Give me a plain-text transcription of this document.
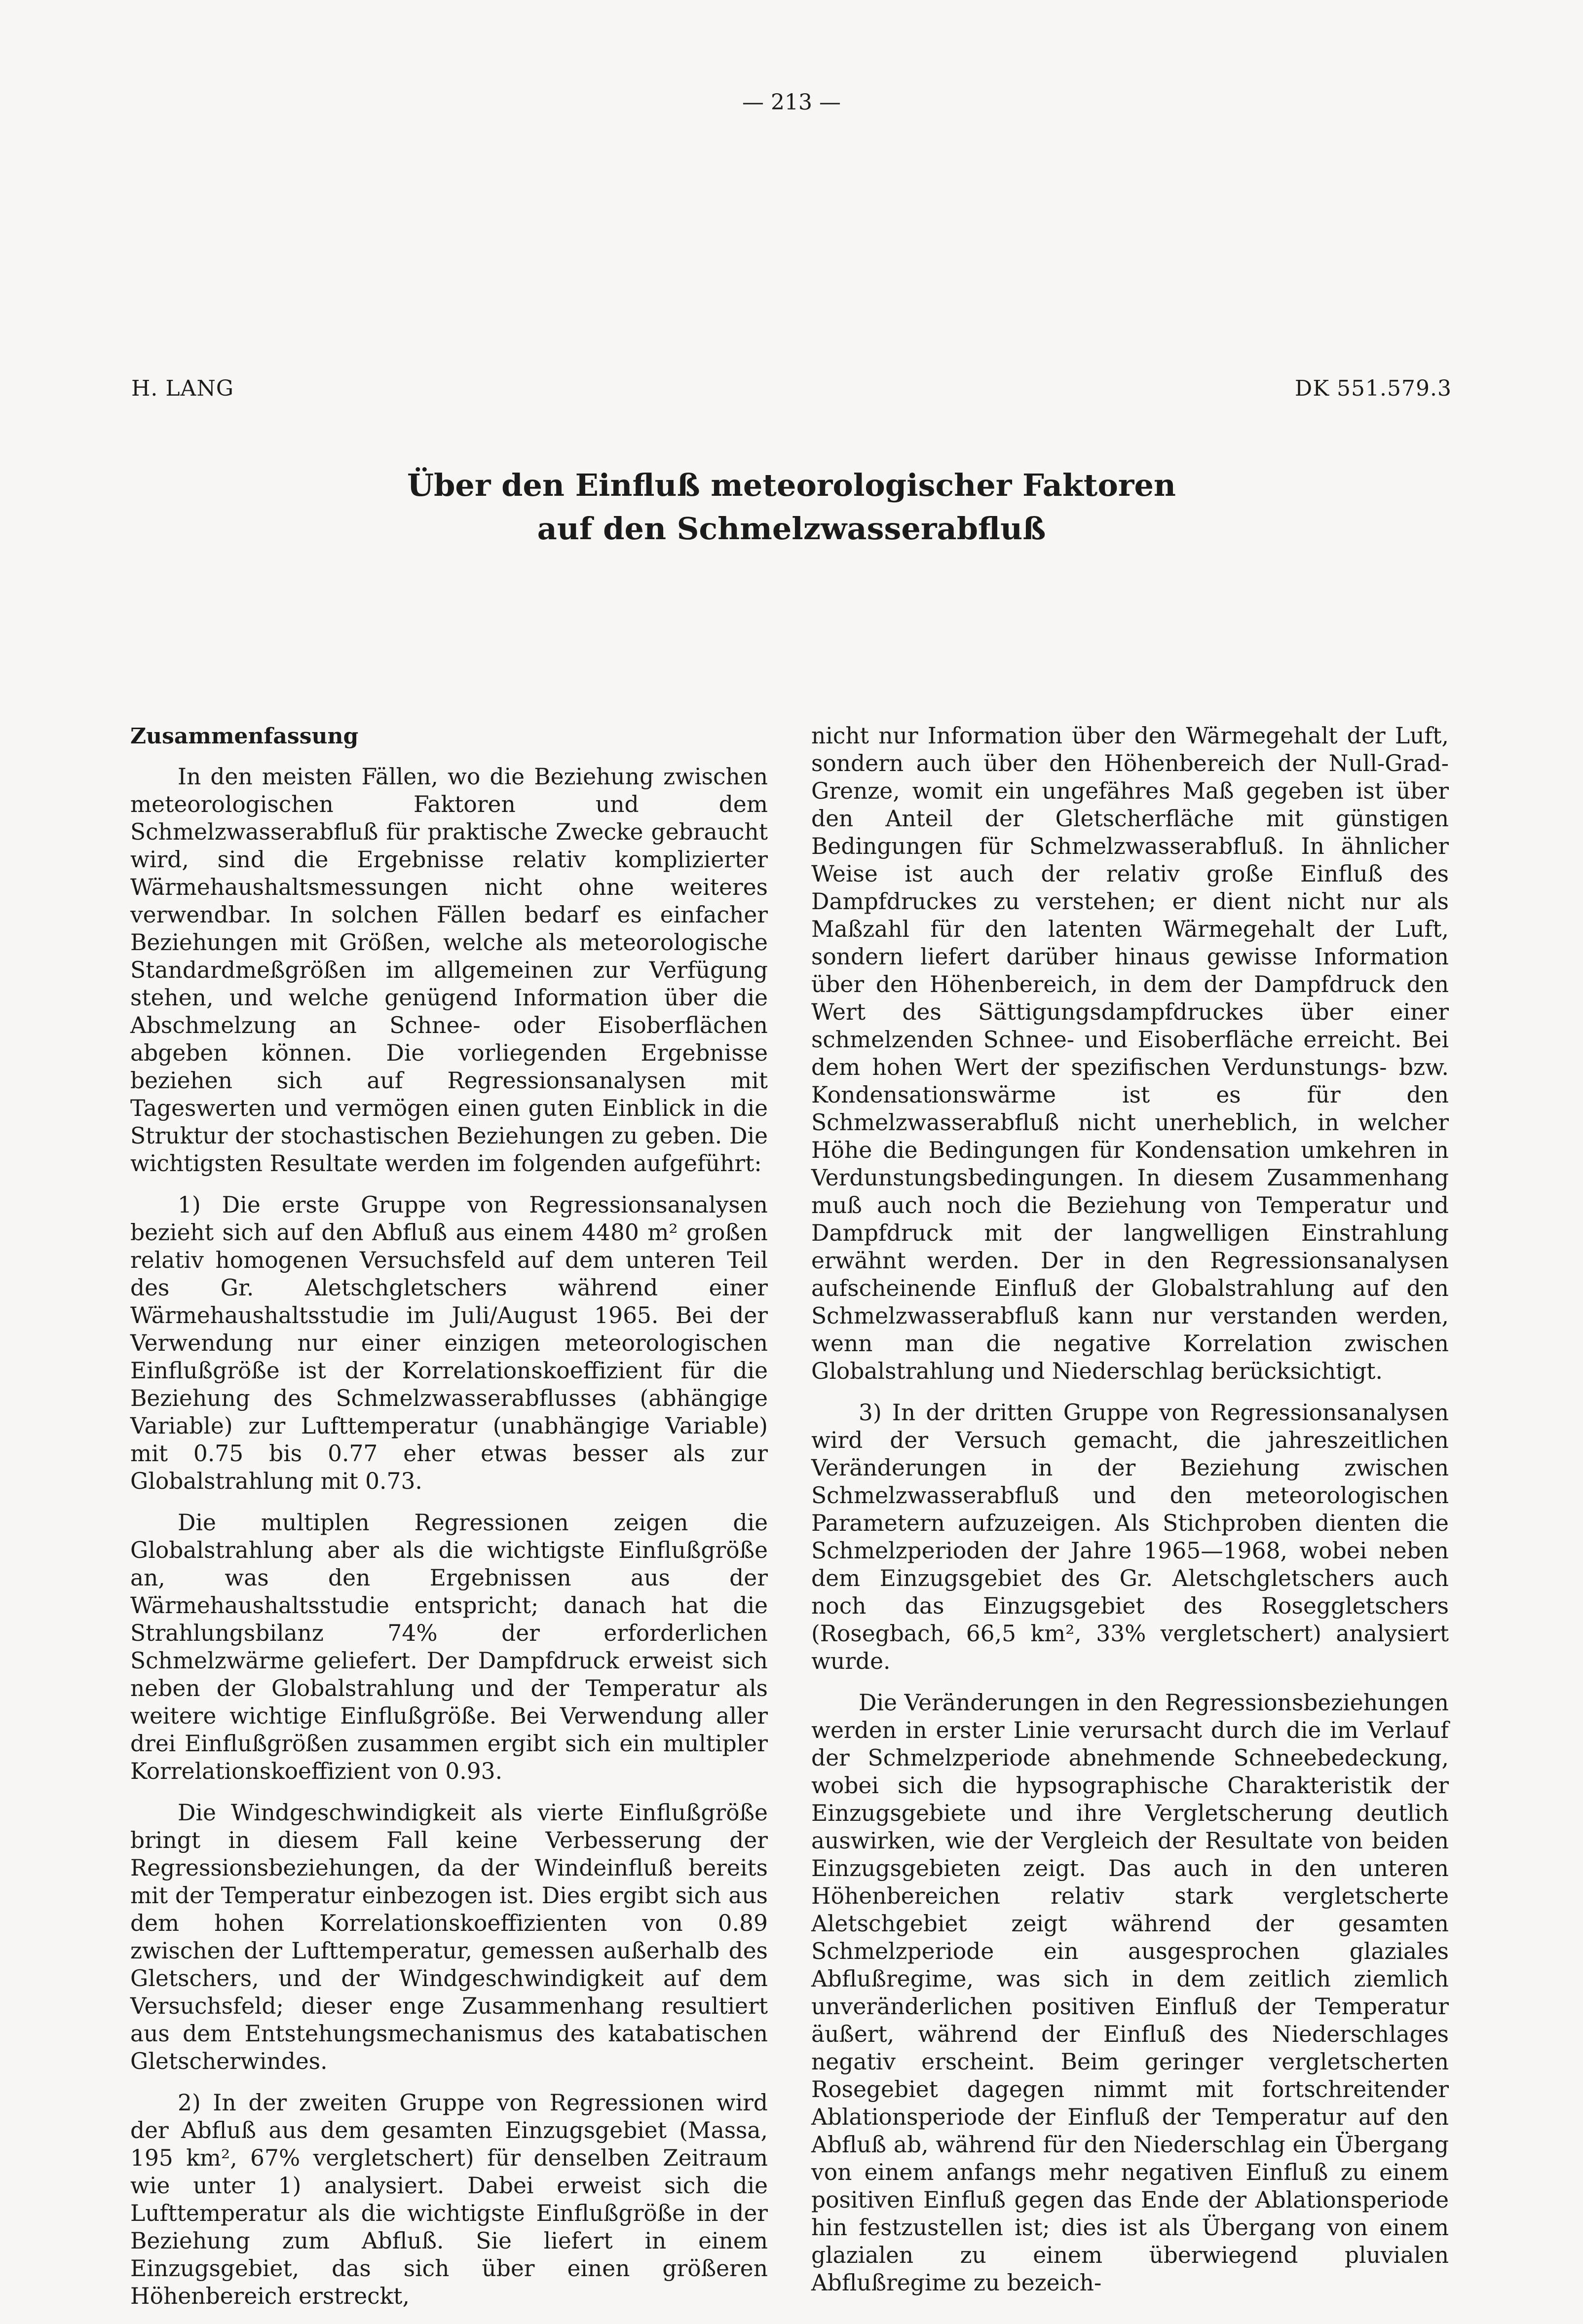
— 213 —
H. LANG	DK 551.579.3
Über den Einfluß meteorologischer Faktoren
auf den Schmelzwasserabfluß
Zusammenfassung

In den meisten Fällen, wo die Beziehung zwischen meteorologischen Faktoren und dem Schmelzwasserabfluß für praktische Zwecke gebraucht wird, sind die Ergebnisse relativ komplizierter Wärmehaushaltsmessungen nicht ohne weiteres verwendbar. In solchen Fällen bedarf es einfacher Beziehungen mit Größen, welche als meteorologische Standardmeßgrößen im allgemeinen zur Verfügung stehen, und welche genügend Information über die Abschmelzung an Schnee- oder Eisoberflächen abgeben können. Die vorliegenden Ergebnisse beziehen sich auf Regressionsanalysen mit Tageswerten und vermögen einen guten Einblick in die Struktur der stochastischen Beziehungen zu geben. Die wichtigsten Resultate werden im folgenden aufgeführt:

1) Die erste Gruppe von Regressionsanalysen bezieht sich auf den Abfluß aus einem 4480 m² großen relativ homogenen Versuchsfeld auf dem unteren Teil des Gr. Aletschgletschers während einer Wärmehaushaltsstudie im Juli/August 1965. Bei der Verwendung nur einer einzigen meteorologischen Einflußgröße ist der Korrelationskoeffizient für die Beziehung des Schmelzwasserabflusses (abhängige Variable) zur Lufttemperatur (unabhängige Variable) mit 0.75 bis 0.77 eher etwas besser als zur Globalstrahlung mit 0.73.

Die multiplen Regressionen zeigen die Globalstrahlung aber als die wichtigste Einflußgröße an, was den Ergebnissen aus der Wärmehaushaltsstudie entspricht; danach hat die Strahlungsbilanz 74% der erforderlichen Schmelzwärme geliefert. Der Dampfdruck erweist sich neben der Globalstrahlung und der Temperatur als weitere wichtige Einflußgröße. Bei Verwendung aller drei Einflußgrößen zusammen ergibt sich ein multipler Korrelationskoeffizient von 0.93.

Die Windgeschwindigkeit als vierte Einflußgröße bringt in diesem Fall keine Verbesserung der Regressionsbeziehungen, da der Windeinfluß bereits mit der Temperatur einbezogen ist. Dies ergibt sich aus dem hohen Korrelationskoeffizienten von 0.89 zwischen der Lufttemperatur, gemessen außerhalb des Gletschers, und der Windgeschwindigkeit auf dem Versuchsfeld; dieser enge Zusammenhang resultiert aus dem Entstehungsmechanismus des katabatischen Gletscherwindes.

2) In der zweiten Gruppe von Regressionen wird der Abfluß aus dem gesamten Einzugsgebiet (Massa, 195 km², 67% vergletschert) für denselben Zeitraum wie unter 1) analysiert. Dabei erweist sich die Lufttemperatur als die wichtigste Einflußgröße in der Beziehung zum Abfluß. Sie liefert in einem Einzugsgebiet, das sich über einen größeren Höhenbereich erstreckt,

nicht nur Information über den Wärmegehalt der Luft, sondern auch über den Höhenbereich der Null-Grad-Grenze, womit ein ungefähres Maß gegeben ist über den Anteil der Gletscherfläche mit günstigen Bedingungen für Schmelzwasserabfluß. In ähnlicher Weise ist auch der relativ große Einfluß des Dampfdruckes zu verstehen; er dient nicht nur als Maßzahl für den latenten Wärmegehalt der Luft, sondern liefert darüber hinaus gewisse Information über den Höhenbereich, in dem der Dampfdruck den Wert des Sättigungsdampfdruckes über einer schmelzenden Schnee- und Eisoberfläche erreicht. Bei dem hohen Wert der spezifischen Verdunstungs- bzw. Kondensationswärme ist es für den Schmelzwasserabfluß nicht unerheblich, in welcher Höhe die Bedingungen für Kondensation umkehren in Verdunstungsbedingungen. In diesem Zusammenhang muß auch noch die Beziehung von Temperatur und Dampfdruck mit der langwelligen Einstrahlung erwähnt werden. Der in den Regressionsanalysen aufscheinende Einfluß der Globalstrahlung auf den Schmelzwasserabfluß kann nur verstanden werden, wenn man die negative Korrelation zwischen Globalstrahlung und Niederschlag berücksichtigt.

3) In der dritten Gruppe von Regressionsanalysen wird der Versuch gemacht, die jahreszeitlichen Veränderungen in der Beziehung zwischen Schmelzwasserabfluß und den meteorologischen Parametern aufzuzeigen. Als Stichproben dienten die Schmelzperioden der Jahre 1965—1968, wobei neben dem Einzugsgebiet des Gr. Aletschgletschers auch noch das Einzugsgebiet des Roseggletschers (Rosegbach, 66,5 km², 33% vergletschert) analysiert wurde.

Die Veränderungen in den Regressionsbeziehungen werden in erster Linie verursacht durch die im Verlauf der Schmelzperiode abnehmende Schneebedeckung, wobei sich die hypsographische Charakteristik der Einzugsgebiete und ihre Vergletscherung deutlich auswirken, wie der Vergleich der Resultate von beiden Einzugsgebieten zeigt. Das auch in den unteren Höhenbereichen relativ stark vergletscherte Aletschgebiet zeigt während der gesamten Schmelzperiode ein ausgesprochen glaziales Abflußregime, was sich in dem zeitlich ziemlich unveränderlichen positiven Einfluß der Temperatur äußert, während der Einfluß des Niederschlages negativ erscheint. Beim geringer vergletscherten Rosegebiet dagegen nimmt mit fortschreitender Ablationsperiode der Einfluß der Temperatur auf den Abfluß ab, während für den Niederschlag ein Übergang von einem anfangs mehr negativen Einfluß zu einem positiven Einfluß gegen das Ende der Ablationsperiode hin festzustellen ist; dies ist als Übergang von einem glazialen zu einem überwiegend pluvialen Abflußregime zu bezeich-
